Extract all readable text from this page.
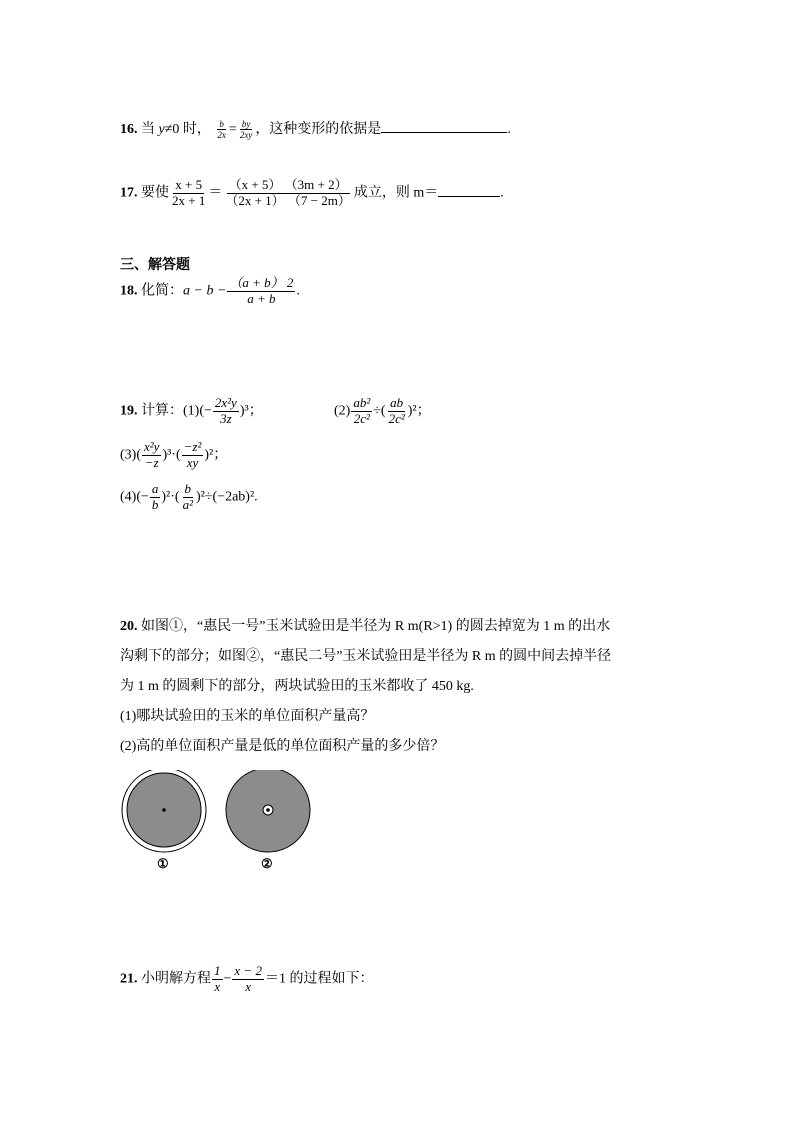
16. 当 y≠0 时， $\frac{b}{2x} = \frac{by}{2xy}$ ，这种变形的依据是	.
17. 要使 $\frac{x + 5}{2x + 1} = \frac{(x + 5) (3m + 2)}{(2x + 1) (7 - 2m)}$ 成立，则 m＝	.
三、解答题
18. 化简：$a - b - \frac{(a + b) 2}{a + b}$ .
19. 计算：$(1)(- \frac{\text{2x²y}}{3z} )^3$；	$(2) \frac{\text{ab²}}{\text{2c²}}$ ÷( $\frac{ab}{\text{2c²}} )^2$；
$(3)( \frac{\text{x²y}}{-z} )^3\cdot( \frac{\text{−z²}}{xy} )^2$；
$(4)(- \frac{a}{b} )^2\cdot( \frac{b}{\text{a²}} )^2\div(-2ab)^2$.
20. 如图①，“惠民一号”玉米试验田是半径为 R m(R>1) 的圆去掉宽为 1 m 的出水
沟剩下的部分；如图②，“惠民二号”玉米试验田是半径为 R m 的圆中间去掉半径
为 1 m 的圆剩下的部分，两块试验田的玉米都收了 450 kg.
(1)哪块试验田的玉米的单位面积产量高？
(2)高的单位面积产量是低的单位面积产量的多少倍？
①	②
21. 小明解方程 $\frac{1}{x} - \frac{x - 2}{x} =1$ 的过程如下：
